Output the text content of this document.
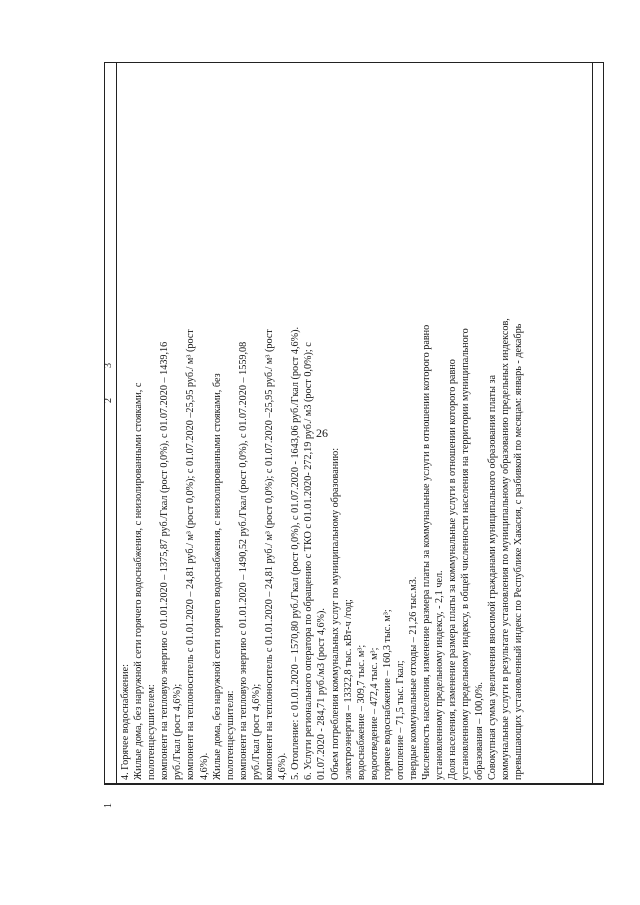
26
1
2
3

4. Горячее водоснабжение: Жилые дома, без наружной сети горячего водоснабжения, с неизолированными стояками, с полотенцесушителем: компонент на тепловую энергию с 01.01.2020 – 1375,87 руб./Гкал (рост 0,0%), с 01.07.2020 – 1439,16 руб./Гкал (рост 4,6%); компонент на теплоноситель с 01.01.2020 – 24,81 руб./ м³ (рост 0,0%); с 01.07.2020 –25,95 руб./ м³ (рост 4,6%). Жилые дома, без наружной сети горячего водоснабжения, с неизолированными стояками, без полотенцесушителя: компонент на тепловую энергию с 01.01.2020 – 1490,52 руб./Гкал (рост 0,0%), с 01.07.2020 – 1559,08 руб./Гкал (рост 4,6%); компонент на теплоноситель с 01.01.2020 – 24,81 руб./ м³ (рост 0,0%); с 01.07.2020 –25,95 руб./ м³ (рост 4,6%). 5. Отопление: с 01.01.2020 – 1570,80 руб./Гкал (рост 0,0%), с 01.07.2020 - 1643,06 руб./Гкал (рост 4,6%). 6. Услуги регионального оператора по обращению с ТКО с 01.01.2020- 272,19 руб./ м3 (рост 0,0%); с 01.07.2020 - 284,71 руб./м3 (рост 4,6%). Объем потребления коммунальных услуг по муниципальному образованию: электроэнергия – 13322,8 тыс. кВт-ч /год; водоснабжение – 309,7 тыс. м³; водоотведение – 472,4 тыс. м³; горячее водоснабжение – 160,3 тыс. м³; отопление – 71,5 тыс. Гкал; твердые коммунальные отходы – 21,26 тыс.м3. Численность населения, изменение размера платы за коммунальные услуги в отношении которого равно установленному предельному индексу, - 2,1 чел. Доля населения, изменение размера платы за коммунальные услуги в отношении которого равно установленному предельному индексу, в общей численности населения на территории муниципального образования – 100,0%. Совокупная сумма увеличения вносимой гражданами муниципального образования платы за коммунальные услуги в результате установления по муниципальному образованию предельных индексов, превышающих установленный индекс по Республике Хакасия, с разбивкой по месяцам: январь - декабрь
